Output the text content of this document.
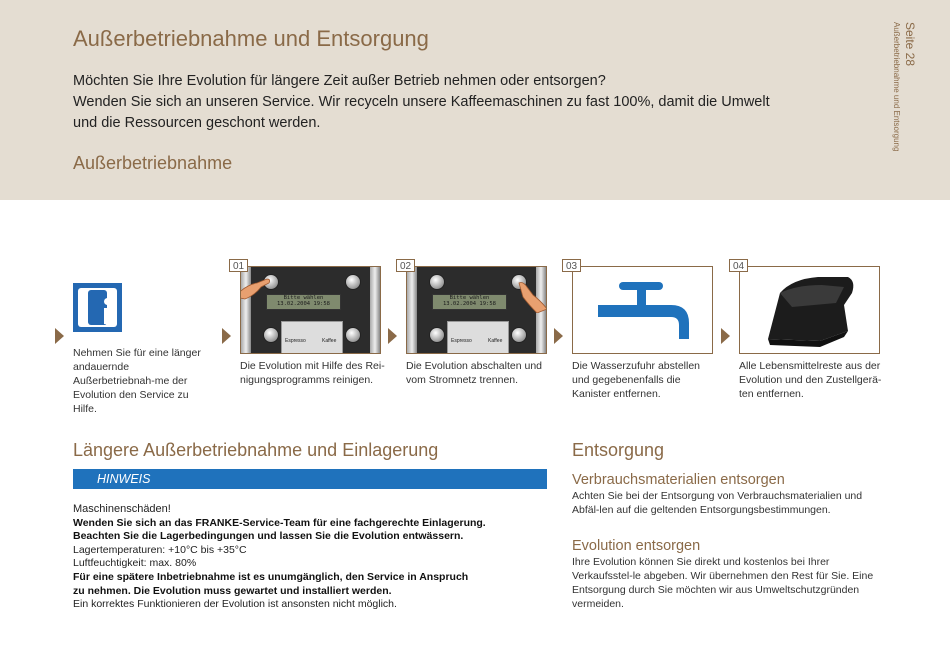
Außerbetriebnahme und Entsorgung

Möchten Sie Ihre Evolution für längere Zeit außer Betrieb nehmen oder entsorgen?
Wenden Sie sich an unseren Service. Wir recyceln unsere Kaffeemaschinen zu fast 100%, damit die Umwelt
und die Ressourcen geschont werden.

Außerbetriebnahme
Seite 28
Außerbetriebnahme und Entsorgung
Nehmen Sie für eine länger andauernde Außerbetriebnah-me der Evolution den Service zu Hilfe.
Bitte wählen
13.02.2004 19:58
Espresso	Kaffee
01
Die Evolution mit Hilfe des Rei-nigungsprogramms reinigen.
Bitte wählen
13.02.2004 19:58
Espresso	Kaffee
02
Die Evolution abschalten und vom Stromnetz trennen.
03
Die Wasserzufuhr abstellen und gegebenenfalls die Kanister entfernen.
04
Alle Lebensmittelreste aus der Evolution und den Zustellgerä-ten entfernen.
Längere Außerbetriebnahme und Einlagerung
HINWEIS
Maschinenschäden!
Wenden Sie sich an das FRANKE-Service-Team für eine fachgerechte Einlagerung.
Beachten Sie die Lagerbedingungen und lassen Sie die Evolution entwässern.
Lagertemperaturen: +10°C bis +35°C
Luftfeuchtigkeit: max. 80%
Für eine spätere Inbetriebnahme ist es unumgänglich, den Service in Anspruch
zu nehmen. Die Evolution muss gewartet und installiert werden.
Ein korrektes Funktionieren der Evolution ist ansonsten nicht möglich.
Entsorgung
Verbrauchsmaterialien entsorgen
Achten Sie bei der Entsorgung von Verbrauchsmaterialien und Abfäl-len auf die geltenden Entsorgungsbestimmungen.
Evolution entsorgen
Ihre Evolution können Sie direkt und kostenlos bei Ihrer Verkaufsstel-le abgeben. Wir übernehmen den Rest für Sie. Eine Entsorgung durch Sie möchten wir aus Umweltschutzgründen vermeiden.
